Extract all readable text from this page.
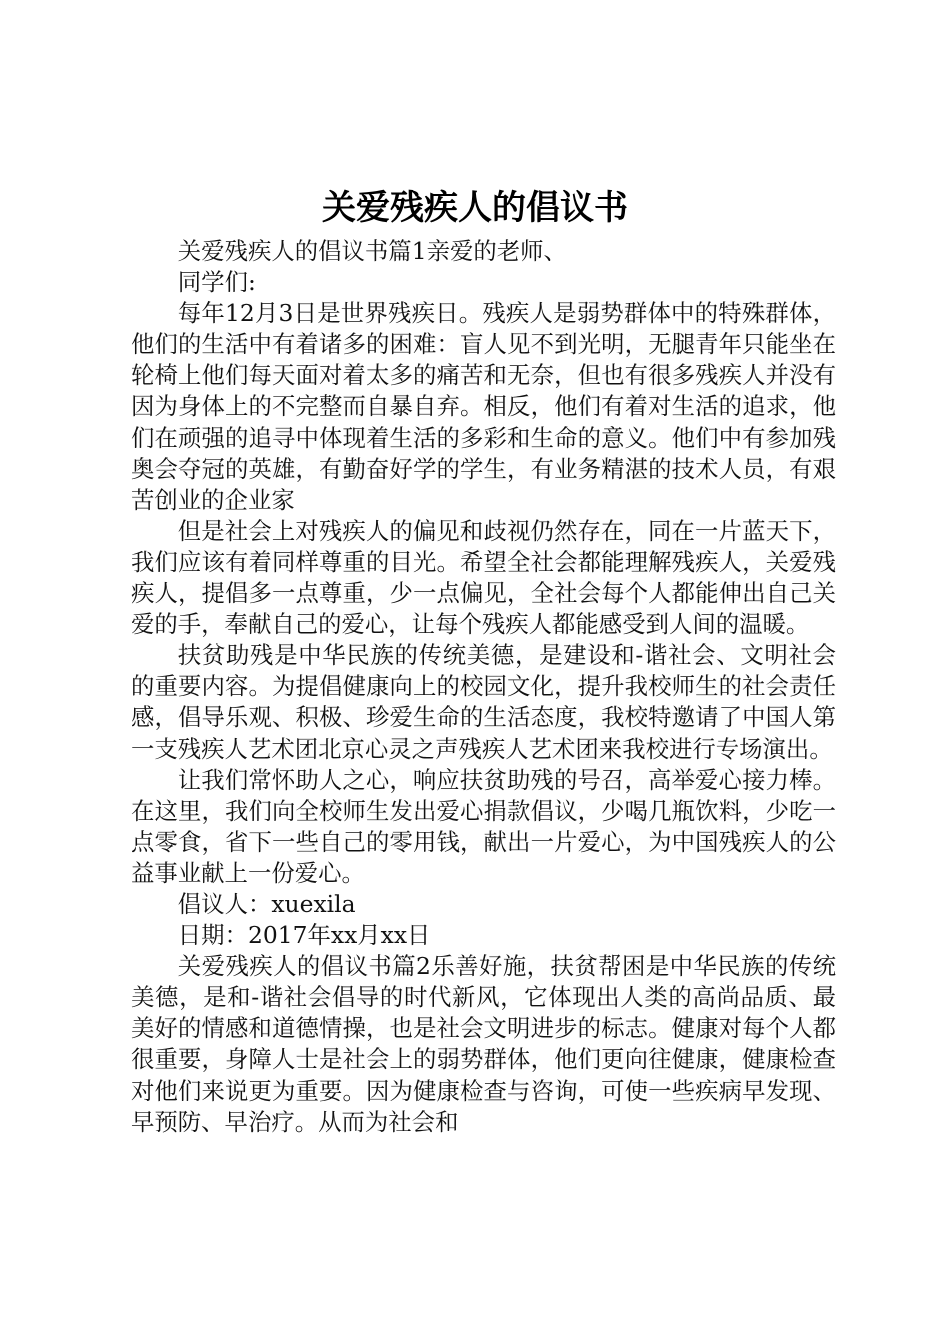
关爱残疾人的倡议书

关爱残疾人的倡议书篇1亲爱的老师、

同学们:

每年12月3日是世界残疾日。残疾人是弱势群体中的特殊群体，他们的生活中有着诸多的困难：盲人见不到光明，无腿青年只能坐在轮椅上他们每天面对着太多的痛苦和无奈，但也有很多残疾人并没有因为身体上的不完整而自暴自弃。相反，他们有着对生活的追求，他们在顽强的追寻中体现着生活的多彩和生命的意义。他们中有参加残奥会夺冠的英雄，有勤奋好学的学生，有业务精湛的技术人员，有艰苦创业的企业家

但是社会上对残疾人的偏见和歧视仍然存在，同在一片蓝天下，我们应该有着同样尊重的目光。希望全社会都能理解残疾人，关爱残疾人，提倡多一点尊重，少一点偏见，全社会每个人都能伸出自己关爱的手，奉献自己的爱心，让每个残疾人都能感受到人间的温暖。

扶贫助残是中华民族的传统美德，是建设和-谐社会、文明社会的重要内容。为提倡健康向上的校园文化，提升我校师生的社会责任感，倡导乐观、积极、珍爱生命的生活态度，我校特邀请了中国人第一支残疾人艺术团北京心灵之声残疾人艺术团来我校进行专场演出。

让我们常怀助人之心，响应扶贫助残的号召，高举爱心接力棒。在这里，我们向全校师生发出爱心捐款倡议，少喝几瓶饮料，少吃一点零食，省下一些自己的零用钱，献出一片爱心，为中国残疾人的公益事业献上一份爱心。

倡议人：xuexila

日期：2017年xx月xx日

关爱残疾人的倡议书篇2乐善好施，扶贫帮困是中华民族的传统美德，是和-谐社会倡导的时代新风，它体现出人类的高尚品质、最美好的情感和道德情操，也是社会文明进步的标志。健康对每个人都很重要，身障人士是社会上的弱势群体，他们更向往健康，健康检查对他们来说更为重要。因为健康检查与咨询，可使一些疾病早发现、早预防、早治疗。从而为社会和
